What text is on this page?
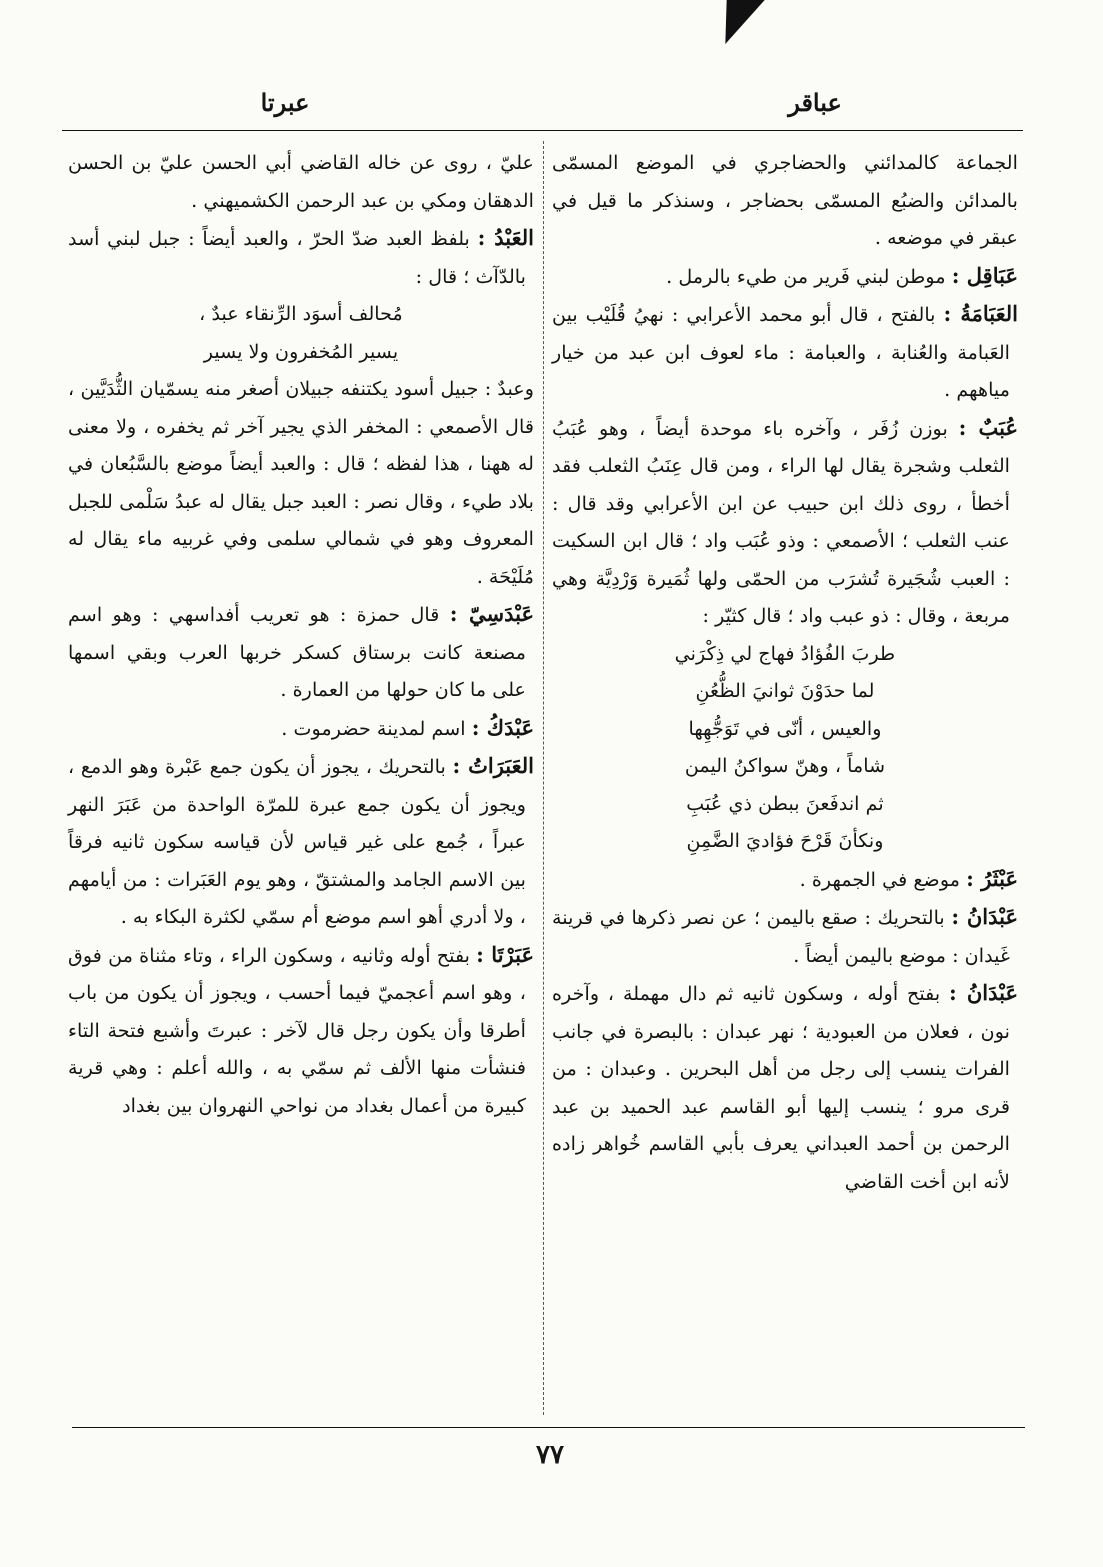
عباقر
عبرتا

الجماعة كالمدائني والحضاجري في الموضع المسمّى بالمدائن والضبُع المسمّى بحضاجر ، وسنذكر ما قيل في عبقر في موضعه .

عَبَاقِل : موطن لبني فَرير من طيء بالرمل .

العَبَامَةُ : بالفتح ، قال أبو محمد الأعرابي : نهيُ قُلَيْب بين العَبامة والعُنابة ، والعبامة : ماء لعوف ابن عبد من خيار مياههم .

عُبَبٌ : بوزن زُفَر ، وآخره باء موحدة أيضاً ، وهو عُبَبُ الثعلب وشجرة يقال لها الراء ، ومن قال عِنَبُ الثعلب فقد أخطأ ، روى ذلك ابن حبيب عن ابن الأعرابي وقد قال : عنب الثعلب ؛ الأصمعي : وذو عُبَب واد ؛ قال ابن السكيت : العبب شُجَيرة تُشرَب من الحمّى ولها ثُمَيرة وَرْدِيَّة وهي مربعة ، وقال : ذو عبب واد ؛ قال كثيّر :

طربَ الفُؤادُ فهاج لي ذِكْرَني

لما حدَوْنَ ثوانيَ الظُّعُنِ

والعيس ، أنّى في تَوَجُّهِها

شاماً ، وهنّ سواكنُ اليمن

ثم اندفَعنَ ببطن ذي عُبَبِ

ونكأنَ قَرْحَ فؤاديَ الضَّمِنِ

عَبْثَرُ : موضع في الجمهرة .

عَبْدَانُ : بالتحريك : صقع باليمن ؛ عن نصر ذكرها في قرينة غَيدان : موضع باليمن أيضاً .

عَبْدَانُ : بفتح أوله ، وسكون ثانيه ثم دال مهملة ، وآخره نون ، فعلان من العبودية ؛ نهر عبدان : بالبصرة في جانب الفرات ينسب إلى رجل من أهل البحرين . وعبدان : من قرى مرو ؛ ينسب إليها أبو القاسم عبد الحميد بن عبد الرحمن بن أحمد العبداني يعرف بأبي القاسم خُواهر زاده لأنه ابن أخت القاضي

عليّ ، روى عن خاله القاضي أبي الحسن عليّ بن الحسن الدهقان ومكي بن عبد الرحمن الكشميهني .

العَبْدُ : بلفظ العبد ضدّ الحرّ ، والعبد أيضاً : جبل لبني أسد بالدّآث ؛ قال :

مُحالف أسوَد الرِّنقاء عبدٌ ،

يسير المُخفرون ولا يسير

وعبدٌ : جبيل أسود يكتنفه جبيلان أصغر منه يسمّيان الثُّدَيَّين ، قال الأصمعي : المخفر الذي يجير آخر ثم يخفره ، ولا معنى له ههنا ، هذا لفظه ؛ قال : والعبد أيضاً موضع بالسَّبُعان في بلاد طيء ، وقال نصر : العبد جبل يقال له عبدُ سَلْمى للجبل المعروف وهو في شمالي سلمى وفي غربيه ماء يقال له مُلَيْحَة .

عَبْدَسِيّ : قال حمزة : هو تعريب أفداسهي : وهو اسم مصنعة كانت برستاق كسكر خربها العرب وبقي اسمها على ما كان حولها من العمارة .

عَبْدَكُ : اسم لمدينة حضرموت .

العَبَرَاتُ : بالتحريك ، يجوز أن يكون جمع عَبْرة وهو الدمع ، ويجوز أن يكون جمع عبرة للمرّة الواحدة من عَبَرَ النهر عبراً ، جُمع على غير قياس لأن قياسه سكون ثانيه فرقاً بين الاسم الجامد والمشتقّ ، وهو يوم العَبَرات : من أيامهم ، ولا أدري أهو اسم موضع أم سمّي لكثرة البكاء به .

عَبَرْتَا : بفتح أوله وثانيه ، وسكون الراء ، وتاء مثناة من فوق ، وهو اسم أعجميّ فيما أحسب ، ويجوز أن يكون من باب أطرقا وأن يكون رجل قال لآخر : عبرتَ وأشبع فتحة التاء فنشأت منها الألف ثم سمّي به ، والله أعلم : وهي قرية كبيرة من أعمال بغداد من نواحي النهروان بين بغداد

٧٧
